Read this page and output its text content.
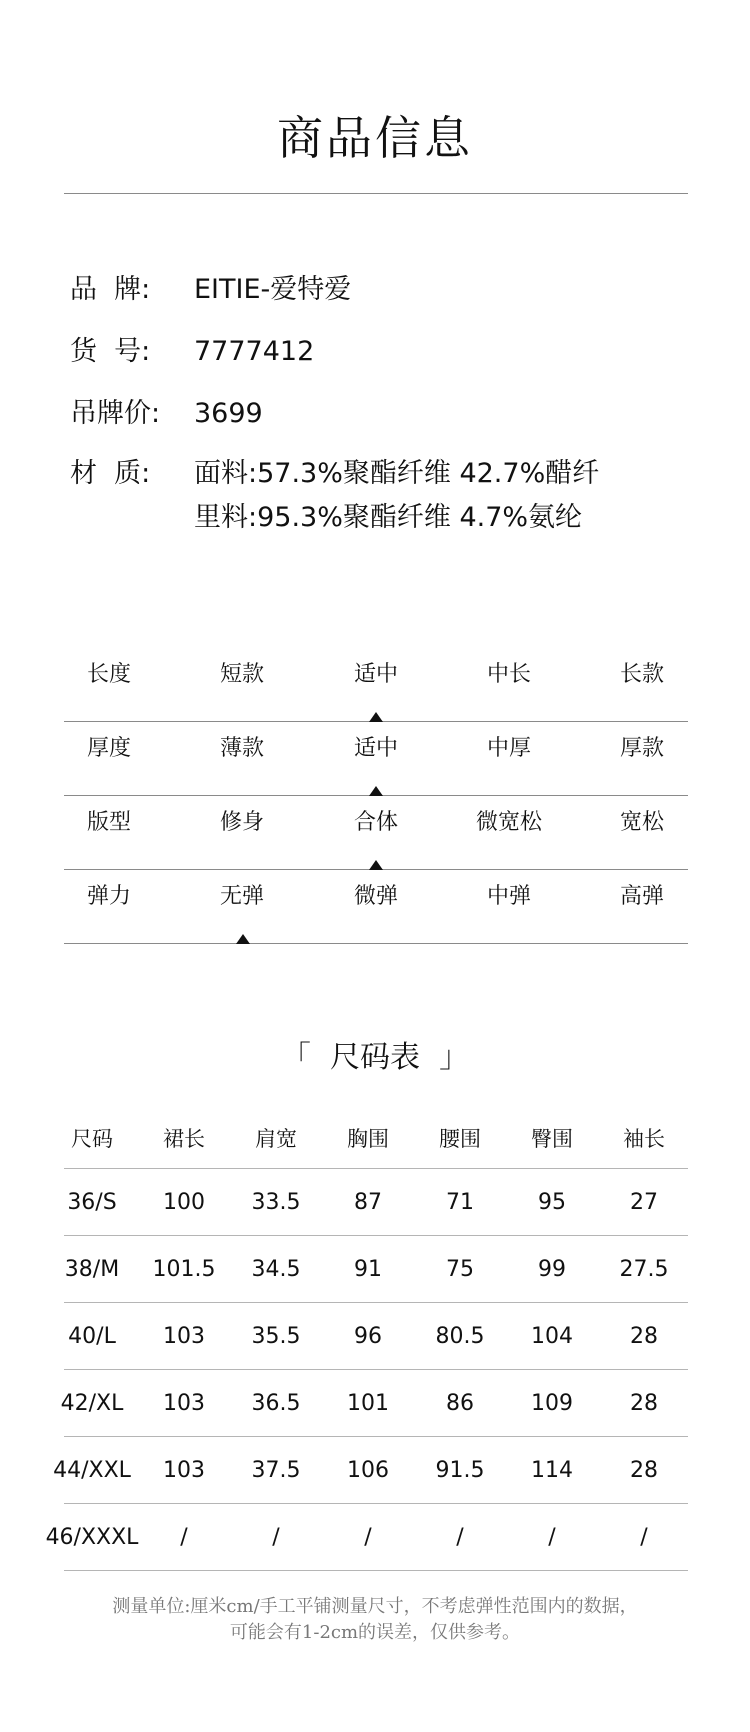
商品信息
品  牌: EITIE-爱特爱
货  号: 7777412
吊牌价: 3699
材  质: 面料:57.3%聚酯纤维 42.7%醋纤
里料:95.3%聚酯纤维 4.7%氨纶
长度	短款	适中	中长	长款
厚度	薄款	适中	中厚	厚款
版型	修身	合体	微宽松	宽松
弹力	无弹	微弹	中弹	高弹
「  尺码表  」
尺码	裙长	肩宽	胸围	腰围	臀围	袖长
36/S	100	33.5	87	71	95	27
38/M	101.5	34.5	91	75	99	27.5
40/L	103	35.5	96	80.5	104	28
42/XL	103	36.5	101	86	109	28
44/XXL	103	37.5	106	91.5	114	28
46/XXXL	/	/	/	/	/	/
测量单位:厘米cm/手工平铺测量尺寸，不考虑弹性范围内的数据，
可能会有1-2cm的误差，仅供参考。
